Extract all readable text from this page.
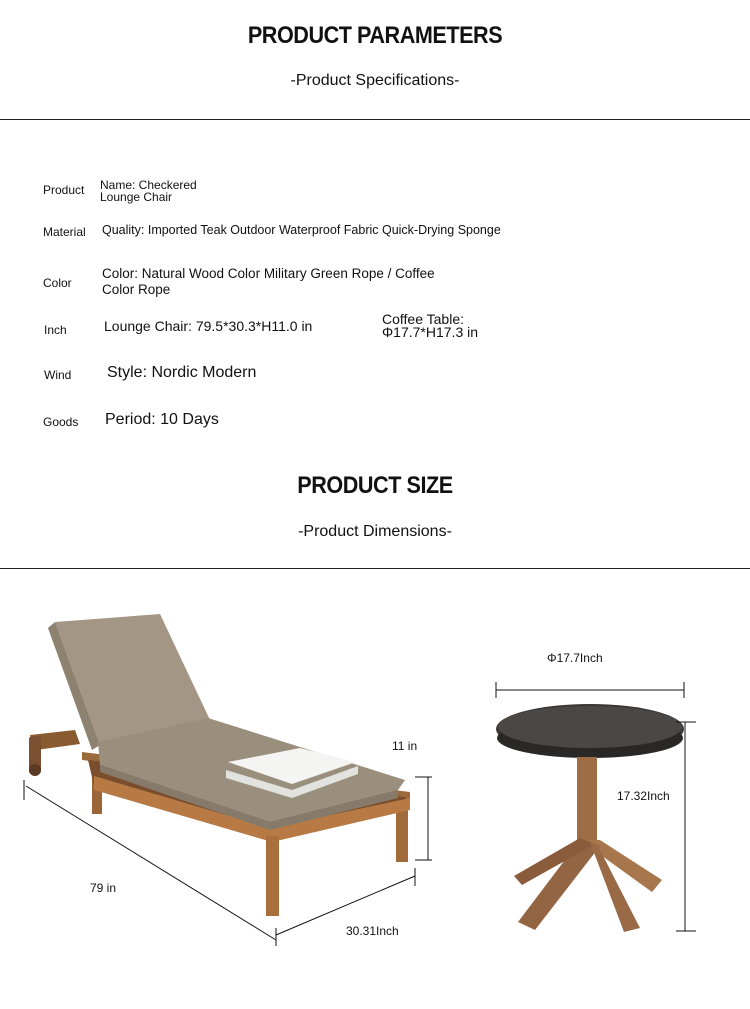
PRODUCT PARAMETERS
-Product Specifications-
Product Name: Checkered
Lounge Chair
Material Quality: Imported Teak Outdoor Waterproof Fabric Quick-Drying Sponge
Color
Color: Natural Wood Color Military Green Rope / Coffee
Color Rope
Inch	Lounge Chair: 79.5*30.3*H11.0 in	Coffee Table:
Φ17.7*H17.3 in
Wind Style: Nordic Modern
Goods Period: 10 Days
PRODUCT SIZE
-Product Dimensions-
11 in
79 in
30.31Inch
Φ17.7Inch
17.32Inch
